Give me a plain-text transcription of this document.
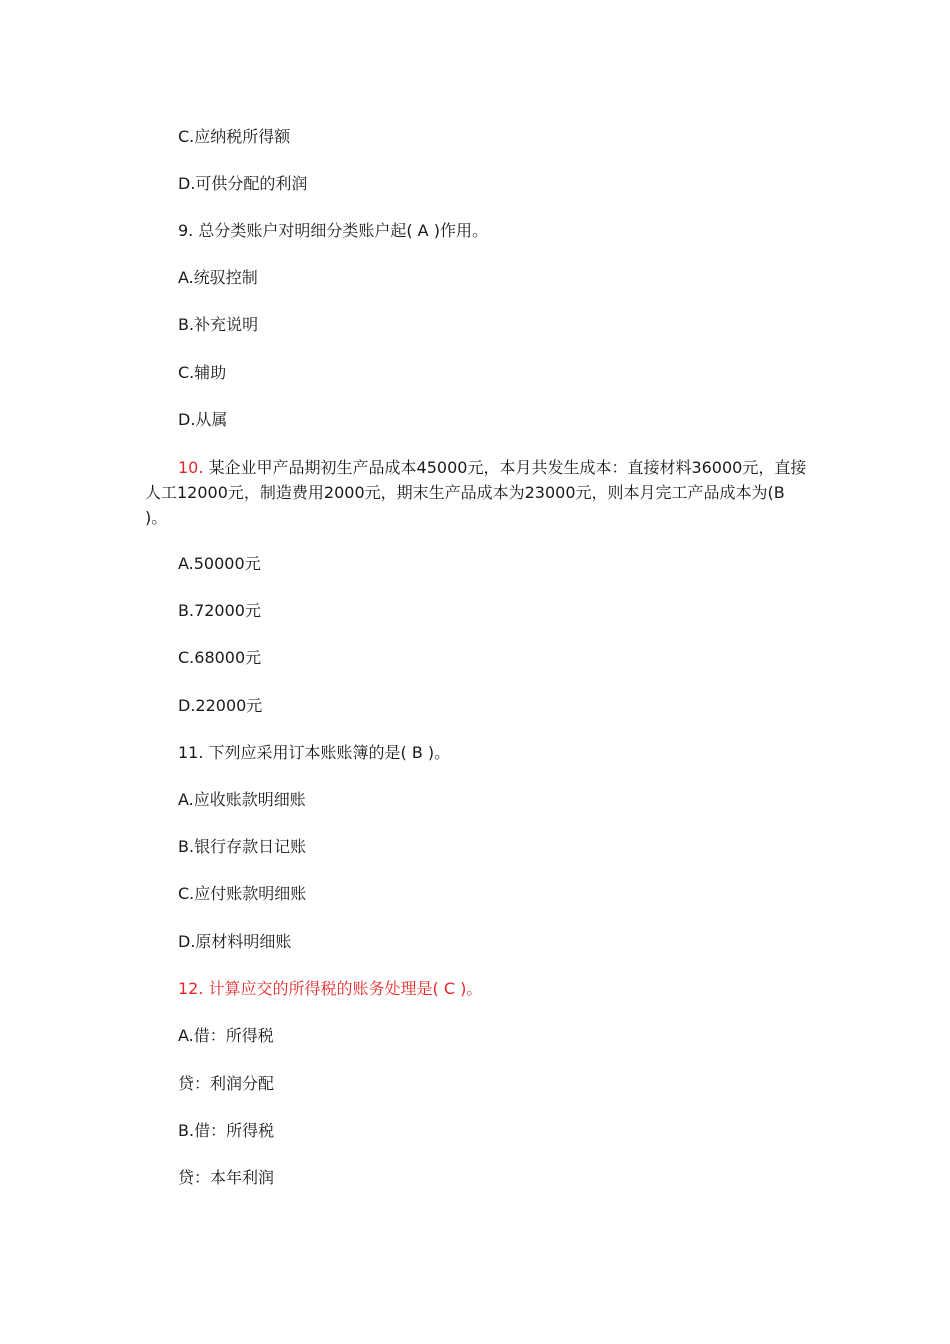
C.应纳税所得额
D.可供分配的利润
9. 总分类账户对明细分类账户起( A )作用。
A.统驭控制
B.补充说明
C.辅助
D.从属
10. 某企业甲产品期初生产品成本45000元，本月共发生成本：直接材料36000元，直接人工12000元，制造费用2000元，期末生产品成本为23000元，则本月完工产品成本为(B )。
A.50000元
B.72000元
C.68000元
D.22000元
11. 下列应采用订本账账簿的是( B )。
A.应收账款明细账
B.银行存款日记账
C.应付账款明细账
D.原材料明细账
12. 计算应交的所得税的账务处理是( C )。
A.借：所得税
贷：利润分配
B.借：所得税
贷：本年利润
